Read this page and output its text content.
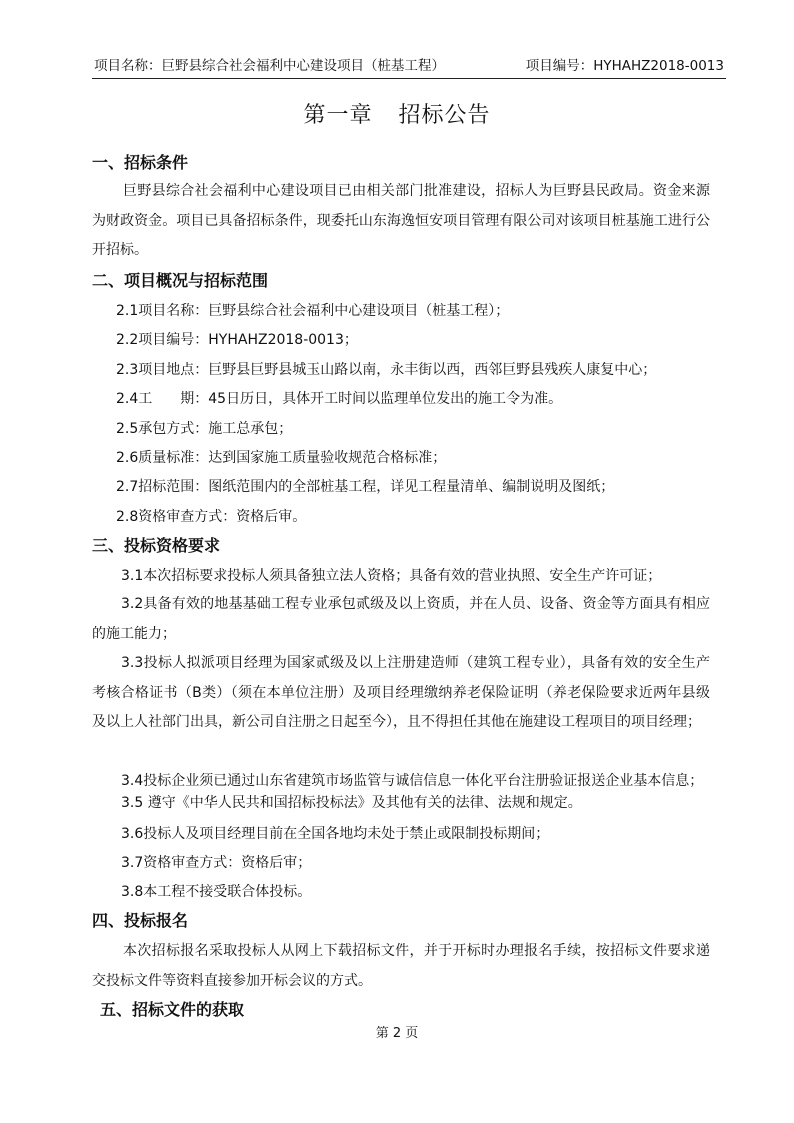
项目名称：巨野县综合社会福利中心建设项目（桩基工程）	项目编号：HYHAHZ2018-0013
第一章 招标公告
一、招标条件
巨野县综合社会福利中心建设项目已由相关部门批准建设，招标人为巨野县民政局。资金来源为财政资金。项目已具备招标条件，现委托山东海逸恒安项目管理有限公司对该项目桩基施工进行公开招标。
二、项目概况与招标范围
2.1项目名称：巨野县综合社会福利中心建设项目（桩基工程）；
2.2项目编号：HYHAHZ2018-0013；
2.3项目地点：巨野县巨野县城玉山路以南，永丰街以西，西邻巨野县残疾人康复中心；
2.4工　　期：45日历日，具体开工时间以监理单位发出的施工令为准。
2.5承包方式：施工总承包；
2.6质量标准：达到国家施工质量验收规范合格标准；
2.7招标范围：图纸范围内的全部桩基工程，详见工程量清单、编制说明及图纸；
2.8资格审查方式：资格后审。
三、投标资格要求
3.1本次招标要求投标人须具备独立法人资格；具备有效的营业执照、安全生产许可证；
3.2具备有效的地基基础工程专业承包贰级及以上资质，并在人员、设备、资金等方面具有相应的施工能力；
3.3投标人拟派项目经理为国家贰级及以上注册建造师（建筑工程专业），具备有效的安全生产考核合格证书（B类）（须在本单位注册）及项目经理缴纳养老保险证明（养老保险要求近两年县级及以上人社部门出具，新公司自注册之日起至今），且不得担任其他在施建设工程项目的项目经理；
3.4投标企业须已通过山东省建筑市场监管与诚信信息一体化平台注册验证报送企业基本信息；
3.5 遵守《中华人民共和国招标投标法》及其他有关的法律、法规和规定。
3.6投标人及项目经理目前在全国各地均未处于禁止或限制投标期间；
3.7资格审查方式：资格后审；
3.8本工程不接受联合体投标。
四、投标报名
本次招标报名采取投标人从网上下载招标文件，并于开标时办理报名手续，按招标文件要求递交投标文件等资料直接参加开标会议的方式。
五、招标文件的获取
第 2 页
